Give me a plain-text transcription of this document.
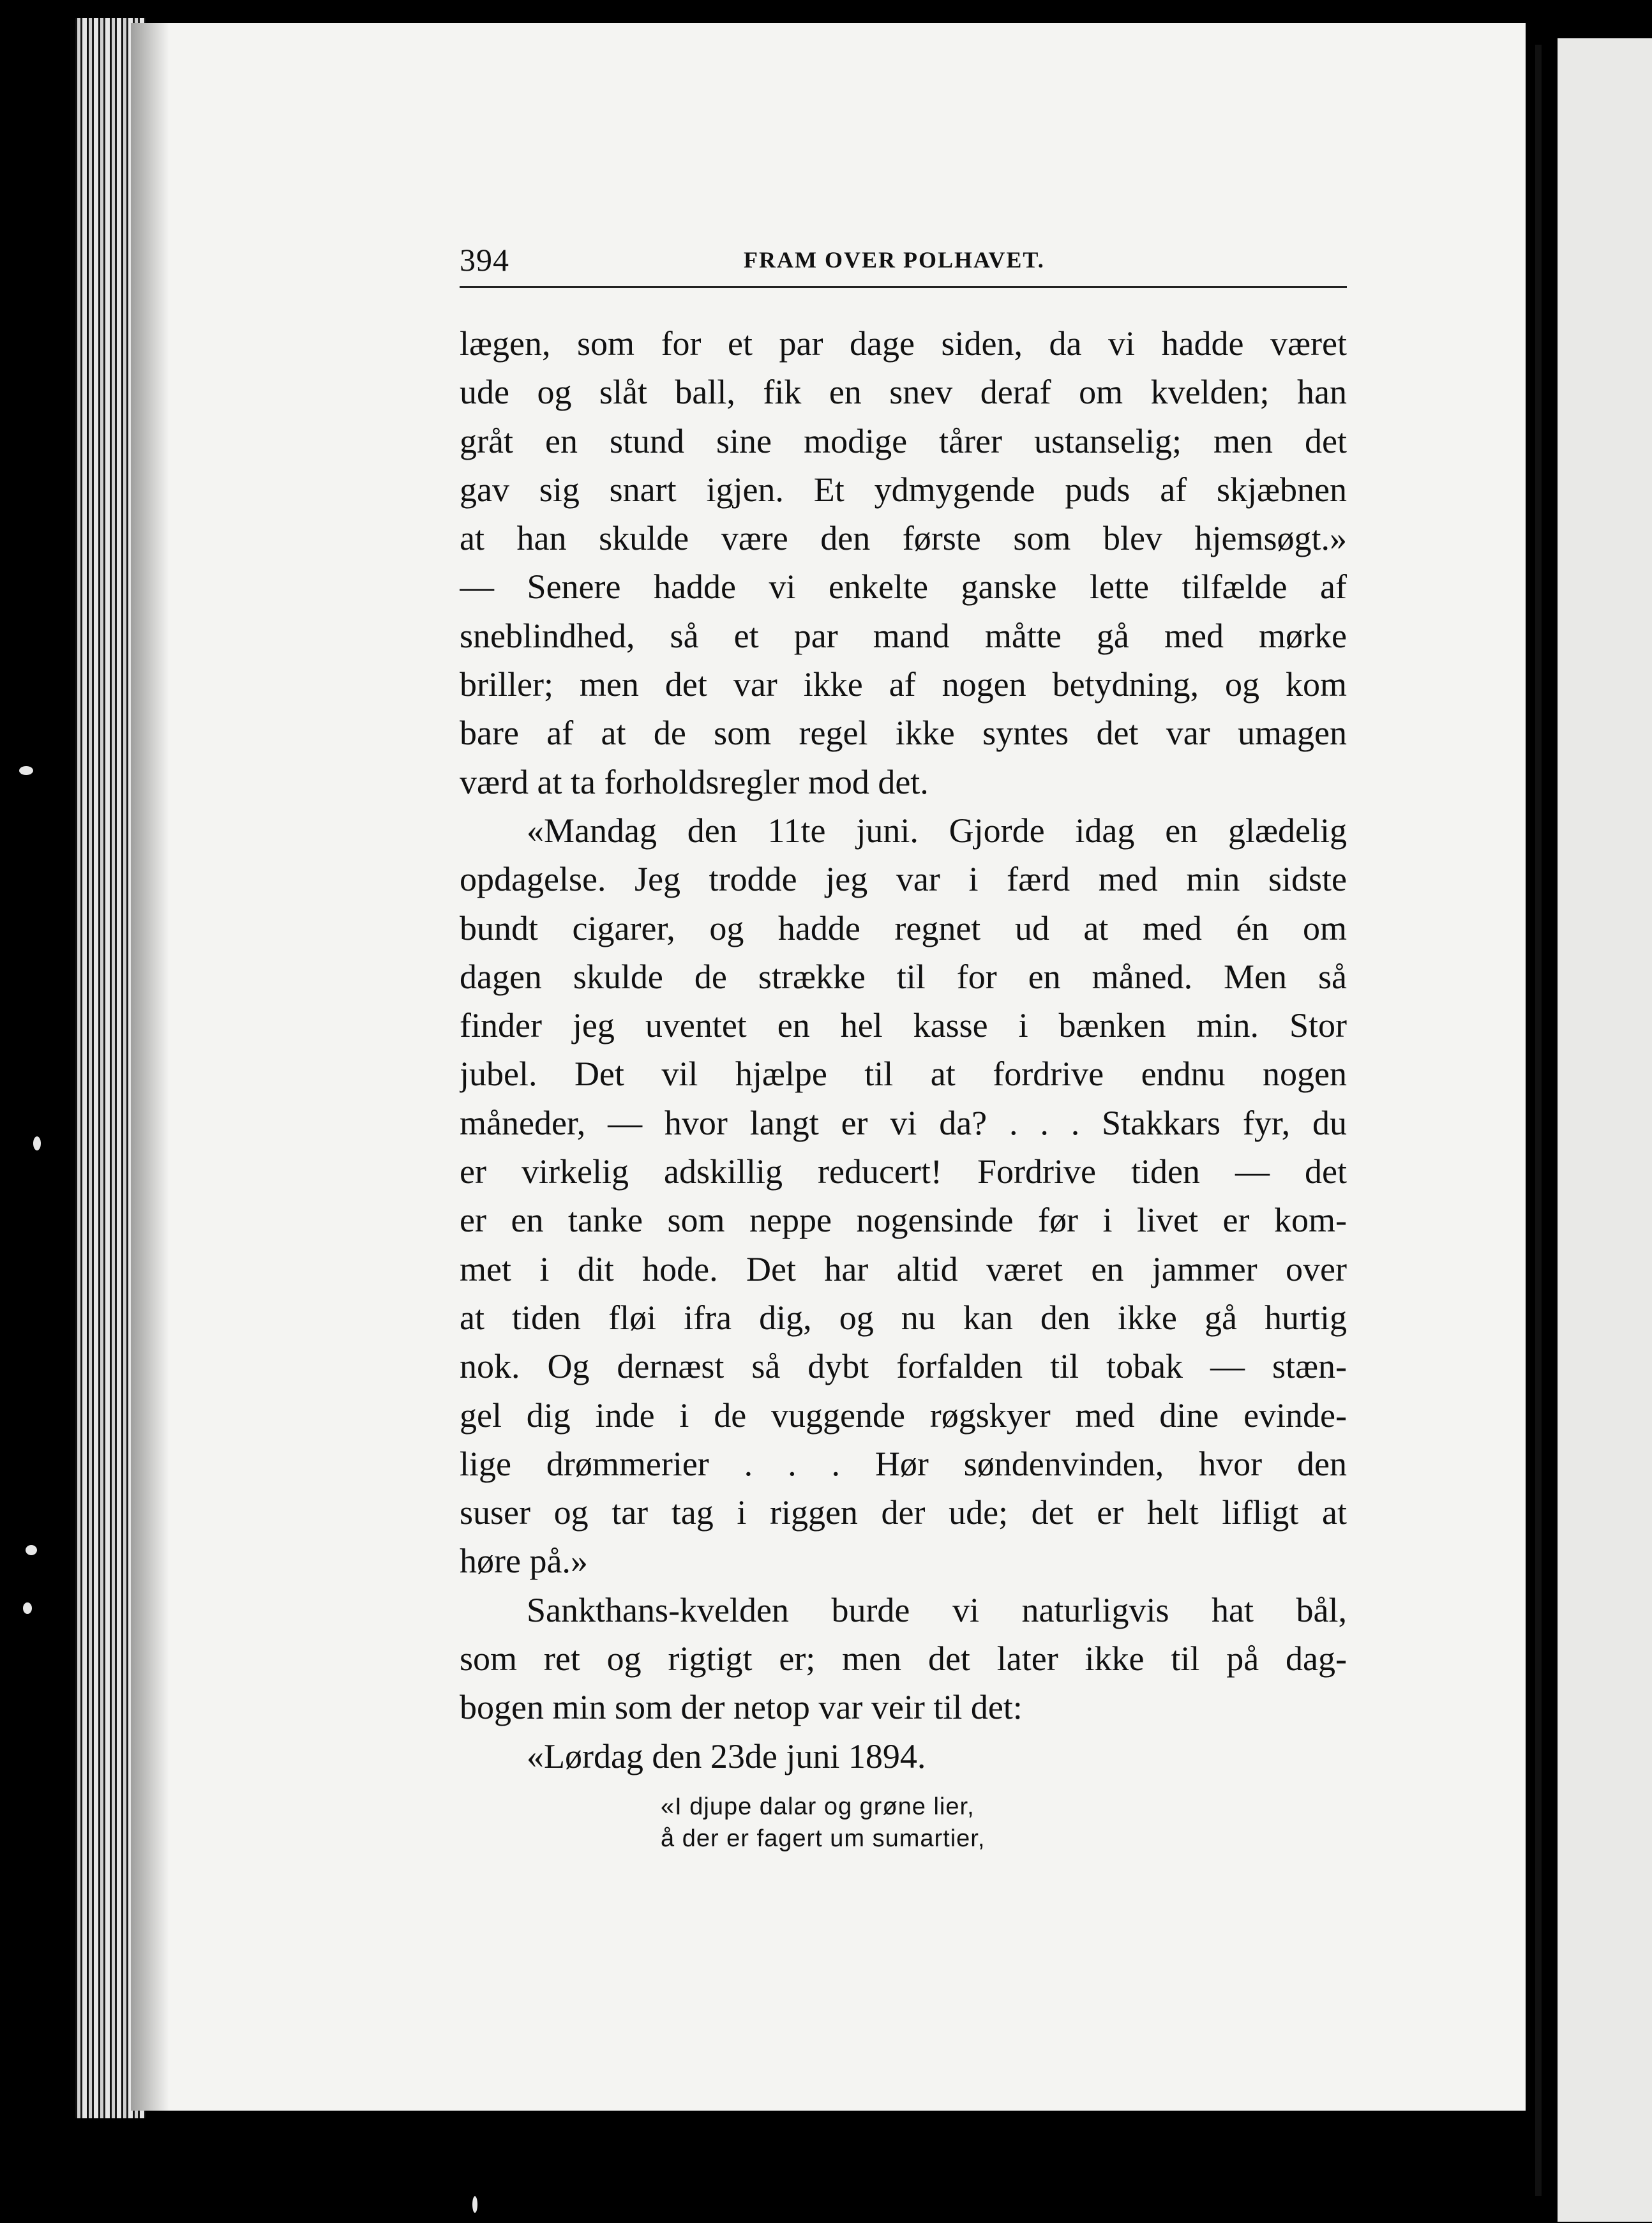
394	FRAM OVER POLHAVET.
lægen, som for et par dage siden, da vi hadde været
ude og slåt ball, fik en snev deraf om kvelden; han
gråt en stund sine modige tårer ustanselig; men det
gav sig snart igjen. Et ydmygende puds af skjæbnen
at han skulde være den første som blev hjemsøgt.»
— Senere hadde vi enkelte ganske lette tilfælde af
sneblindhed, så et par mand måtte gå med mørke
briller; men det var ikke af nogen betydning, og kom
bare af at de som regel ikke syntes det var umagen
værd at ta forholdsregler mod det.
«Mandag den 11te juni. Gjorde idag en glædelig
opdagelse. Jeg trodde jeg var i færd med min sidste
bundt cigarer, og hadde regnet ud at med én om
dagen skulde de strække til for en måned. Men så
finder jeg uventet en hel kasse i bænken min. Stor
jubel. Det vil hjælpe til at fordrive endnu nogen
måneder, — hvor langt er vi da? . . . Stakkars fyr, du
er virkelig adskillig reducert! Fordrive tiden — det
er en tanke som neppe nogensinde før i livet er kom-
met i dit hode. Det har altid været en jammer over
at tiden fløi ifra dig, og nu kan den ikke gå hurtig
nok. Og dernæst så dybt forfalden til tobak — stæn-
gel dig inde i de vuggende røgskyer med dine evinde-
lige drømmerier . . . Hør søndenvinden, hvor den
suser og tar tag i riggen der ude; det er helt lifligt at
høre på.»
Sankthans-kvelden burde vi naturligvis hat bål,
som ret og rigtigt er; men det later ikke til på dag-
bogen min som der netop var veir til det:
«Lørdag den 23de juni 1894.
«I djupe dalar og grøne lier,
å der er fagert um sumartier,
